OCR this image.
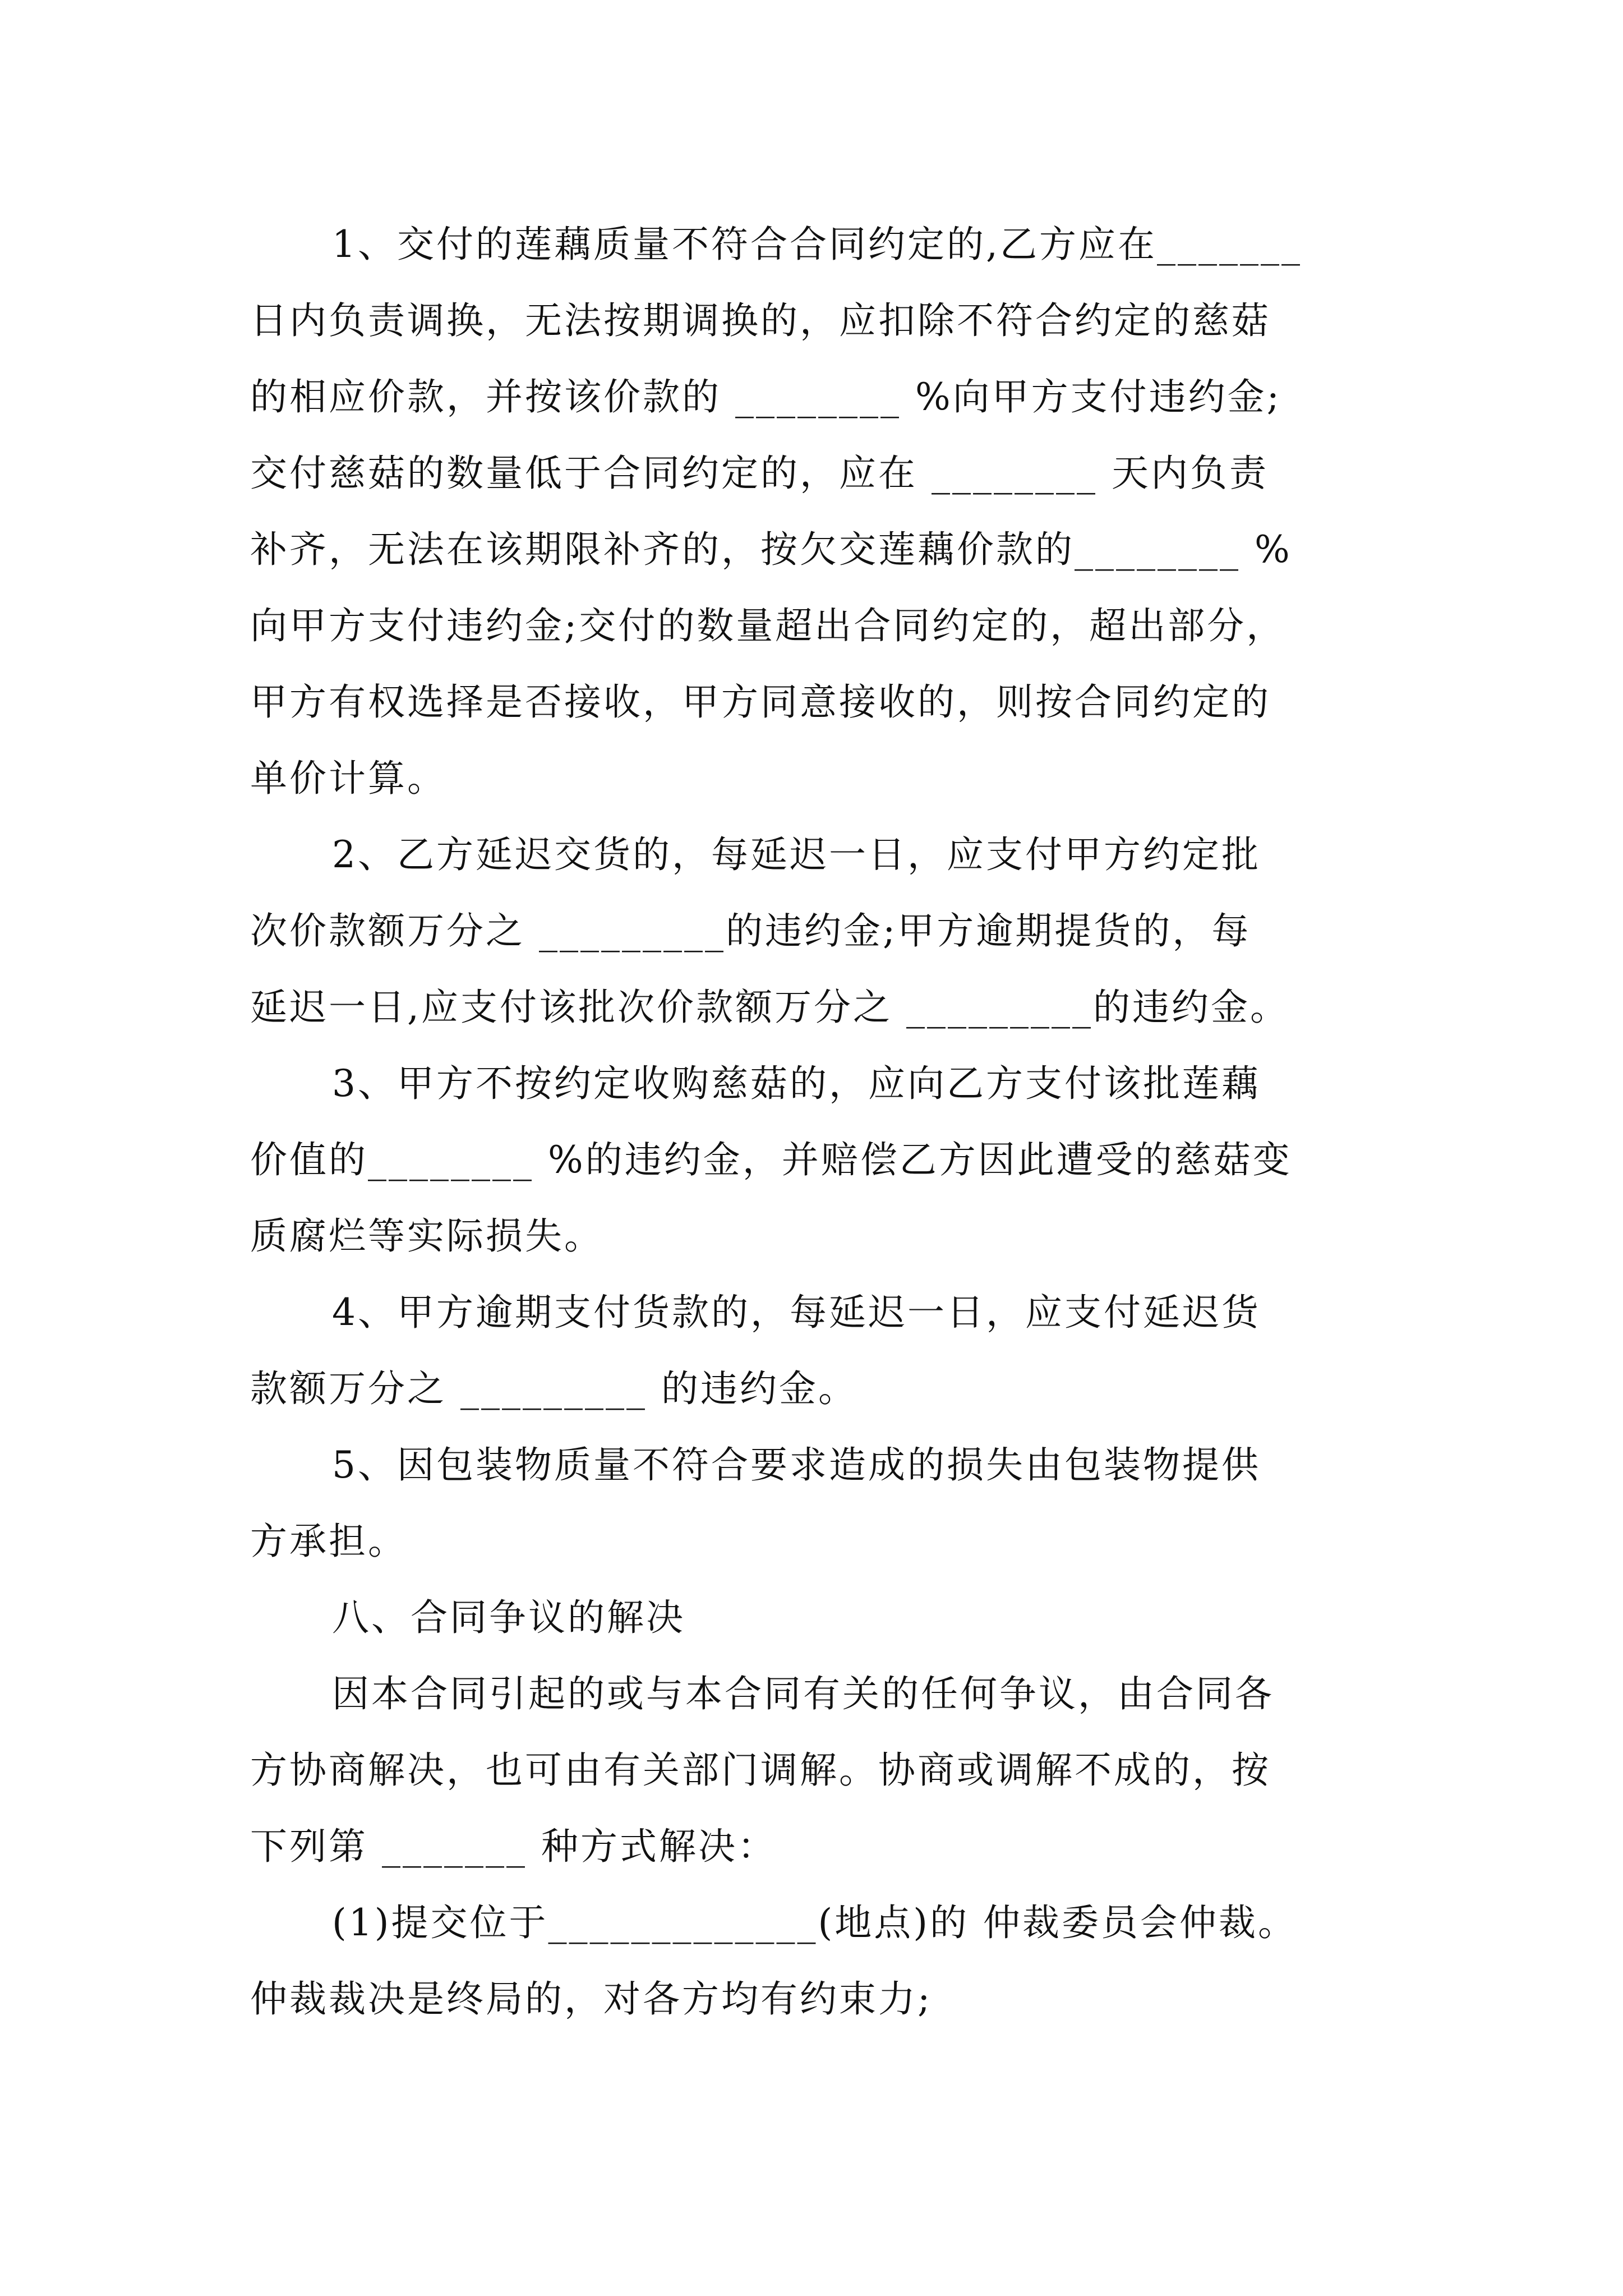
1、交付的莲藕质量不符合合同约定的,乙方应在_______
日内负责调换，无法按期调换的，应扣除不符合约定的慈菇
的相应价款，并按该价款的 ________ %向甲方支付违约金;
交付慈菇的数量低于合同约定的，应在 ________ 天内负责
补齐，无法在该期限补齐的，按欠交莲藕价款的________ %
向甲方支付违约金;交付的数量超出合同约定的，超出部分，
甲方有权选择是否接收，甲方同意接收的，则按合同约定的
单价计算。
2、乙方延迟交货的，每延迟一日，应支付甲方约定批
次价款额万分之 _________的违约金;甲方逾期提货的，每
延迟一日,应支付该批次价款额万分之 _________的违约金。
3、甲方不按约定收购慈菇的，应向乙方支付该批莲藕
价值的________ %的违约金，并赔偿乙方因此遭受的慈菇变
质腐烂等实际损失。
4、甲方逾期支付货款的，每延迟一日，应支付延迟货
款额万分之 _________ 的违约金。
5、因包装物质量不符合要求造成的损失由包装物提供
方承担。
八、合同争议的解决
因本合同引起的或与本合同有关的任何争议，由合同各
方协商解决，也可由有关部门调解。协商或调解不成的，按
下列第 _______ 种方式解决：
(1)提交位于_____________(地点)的 仲裁委员会仲裁。
仲裁裁决是终局的，对各方均有约束力;
